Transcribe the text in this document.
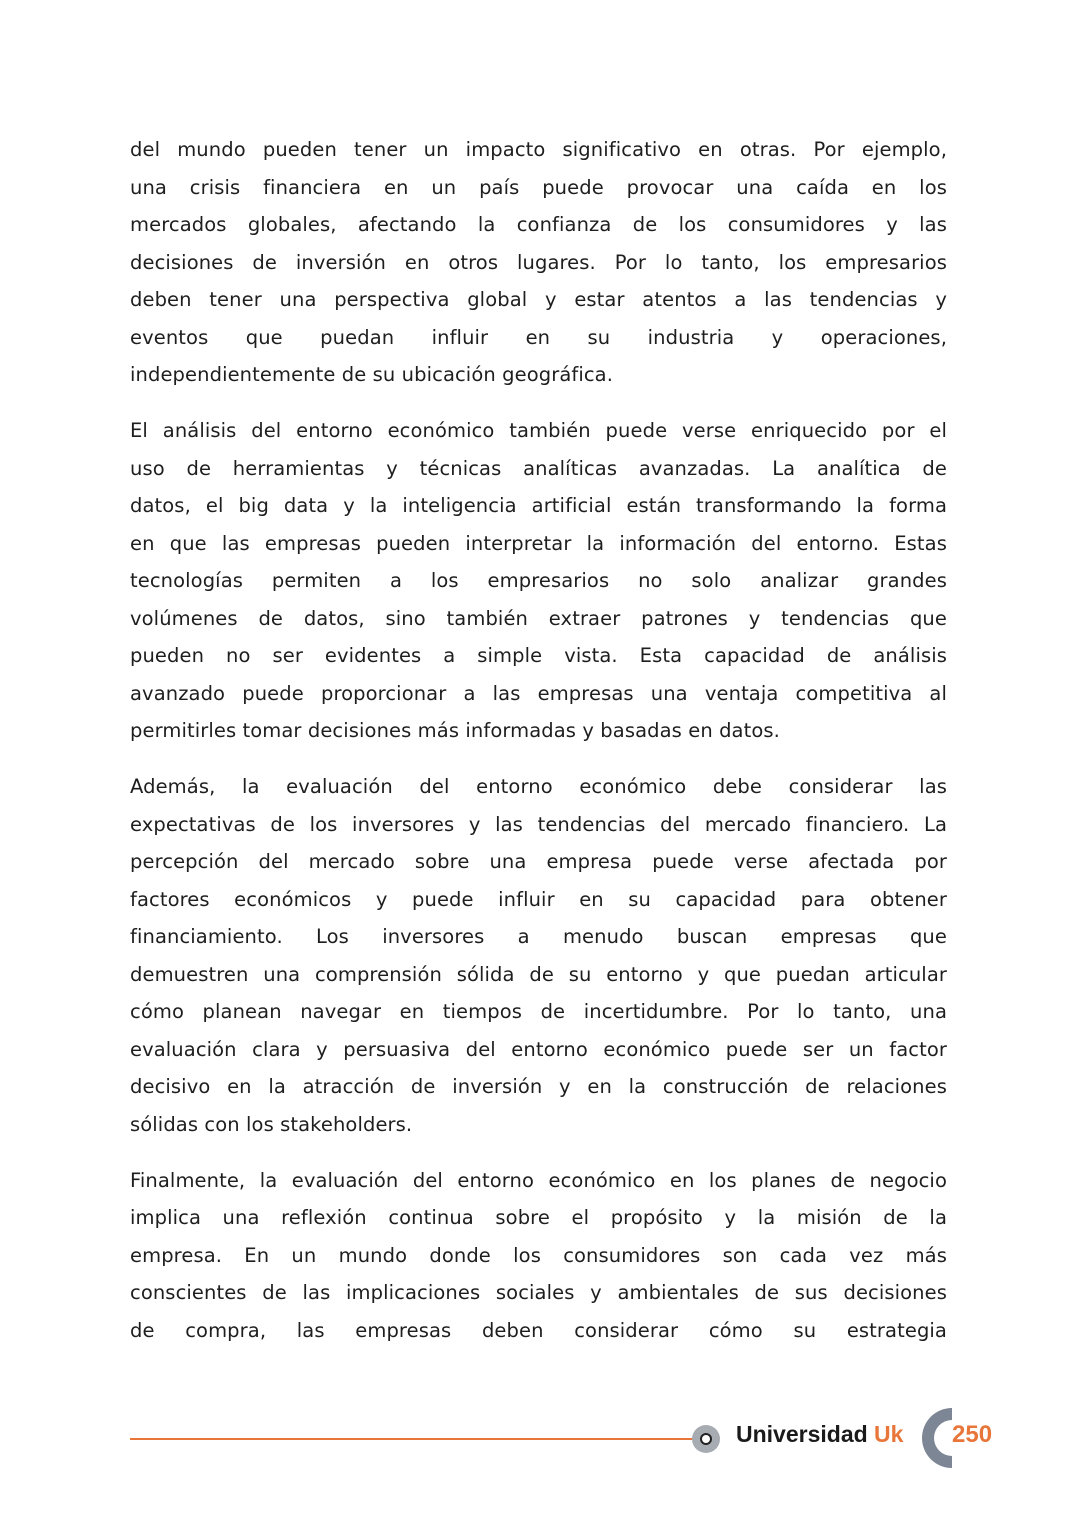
del mundo pueden tener un impacto significativo en otras. Por ejemplo,
una crisis financiera en un país puede provocar una caída en los
mercados globales, afectando la confianza de los consumidores y las
decisiones de inversión en otros lugares. Por lo tanto, los empresarios
deben tener una perspectiva global y estar atentos a las tendencias y
eventos que puedan influir en su industria y operaciones,
independientemente de su ubicación geográfica.
El análisis del entorno económico también puede verse enriquecido por el
uso de herramientas y técnicas analíticas avanzadas. La analítica de
datos, el big data y la inteligencia artificial están transformando la forma
en que las empresas pueden interpretar la información del entorno. Estas
tecnologías permiten a los empresarios no solo analizar grandes
volúmenes de datos, sino también extraer patrones y tendencias que
pueden no ser evidentes a simple vista. Esta capacidad de análisis
avanzado puede proporcionar a las empresas una ventaja competitiva al
permitirles tomar decisiones más informadas y basadas en datos.
Además, la evaluación del entorno económico debe considerar las
expectativas de los inversores y las tendencias del mercado financiero. La
percepción del mercado sobre una empresa puede verse afectada por
factores económicos y puede influir en su capacidad para obtener
financiamiento. Los inversores a menudo buscan empresas que
demuestren una comprensión sólida de su entorno y que puedan articular
cómo planean navegar en tiempos de incertidumbre. Por lo tanto, una
evaluación clara y persuasiva del entorno económico puede ser un factor
decisivo en la atracción de inversión y en la construcción de relaciones
sólidas con los stakeholders.
Finalmente, la evaluación del entorno económico en los planes de negocio
implica una reflexión continua sobre el propósito y la misión de la
empresa. En un mundo donde los consumidores son cada vez más
conscientes de las implicaciones sociales y ambientales de sus decisiones
de compra, las empresas deben considerar cómo su estrategia
Universidad Uk 250
